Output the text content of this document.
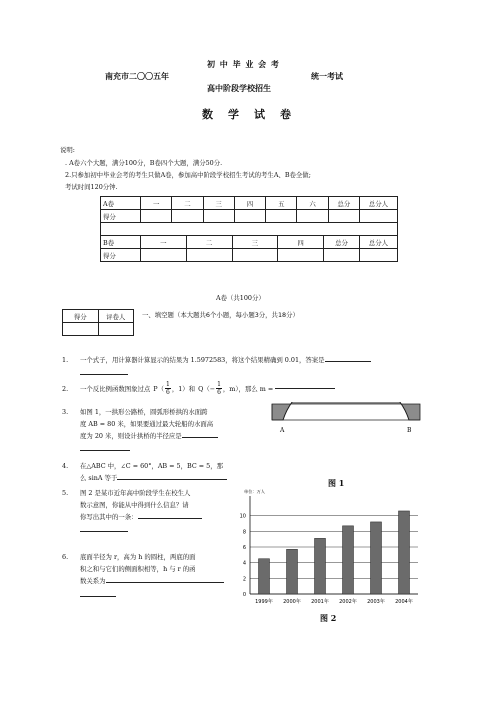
初 中 毕 业 会 考
南充市二〇〇五年	统一考试
高中阶段学校招生
数　学　试　卷
说明:
. A卷六个大题，满分100分，B卷四个大题，满分50分.
2.只参加初中毕业会考的考生只做A卷，参加高中阶段学校招生考试的考生A、B卷全做;
考试时间120分钟.
A卷	一	二	三	四	五	六	总分	总分人
得分								

B卷	一	二	三	四	总分	总分人
得分						
A卷（共100分）
得分	评卷人
		一、填空题（本大题共6个小题，每小题3分，共18分）
1. 一个式子，用计算器计算显示的结果为 1.5972583，将这个结果精确到 0.01，答案是
2. 一个反比例函数图象过点 $P( \frac{1}{6}$ ，1）和 $Q(- \frac{1}{6}$ ，m），那么 m =
3. 如图 1，一拱形公路桥，圆弧形桥拱的水面跨
度 AB = 80 米，如果要通过最大轮船的水面高
度为 20 米，则设计拱桥的半径应是
4. 在△ABC 中，∠C = 60°，AB = 5，BC = 5，那
么 sinA 等于
5. 图 2 是某市近年高中阶段学生在校生人
数示意图，你能从中得到什么信息？请
你写出其中的一条：
6. 底面半径为 r，高为 h 的圆柱，两底的面
积之和与它们的侧面积相等，h 与 r 的函
数关系为
A	B
图 1
0
2
4
6
8
10
单位：万人
1999年 2000年 2001年 2002年 2003年 2004年
图 2
